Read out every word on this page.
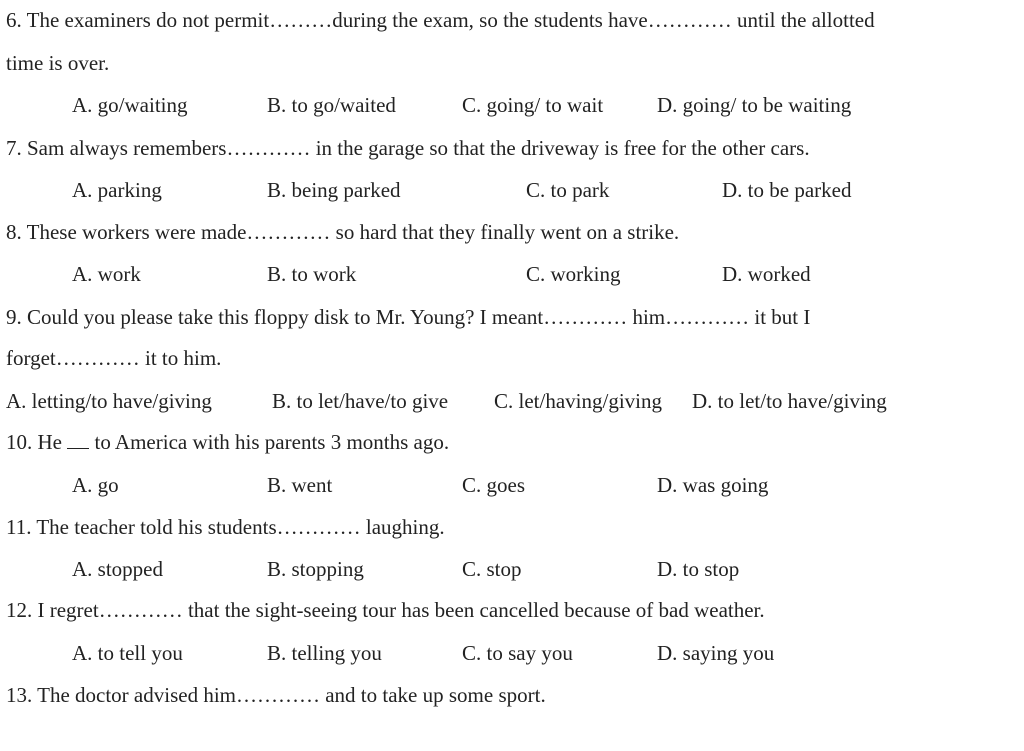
6. The examiners do not permit………during the exam, so the students have………… until the allotted
time is over.
A. go/waiting	B. to go/waited	C. going/ to wait	D. going/ to be waiting
7. Sam always remembers………… in the garage so that the driveway is free for the other cars.
A. parking	B. being parked	C. to park	D. to be parked
8. These workers were made………… so hard that they finally went on a strike.
A. work	B. to work	C. working	D. worked
9. Could you please take this floppy disk to Mr. Young? I meant………… him………… it but I
forget………… it to him.
A. letting/to have/giving	B. to let/have/to give C. let/having/giving D. to let/to have/giving
10. He  to America with his parents 3 months ago.
A. go	B. went	C. goes	D. was going
11. The teacher told his students………… laughing.
A. stopped	B. stopping	C. stop	D. to stop
12. I regret………… that the sight-seeing tour has been cancelled because of bad weather.
A. to tell you	B. telling you	C. to say you	D. saying you
13. The doctor advised him………… and to take up some sport.
